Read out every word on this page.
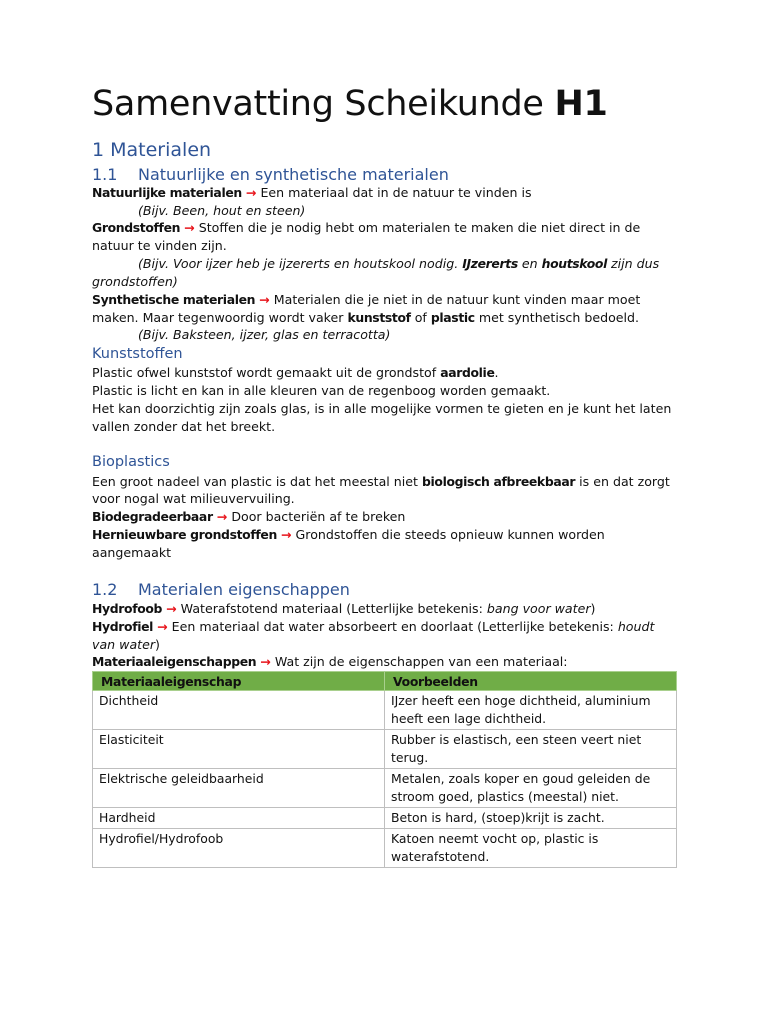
Samenvatting Scheikunde H1
1 Materialen
1.1 Natuurlijke en synthetische materialen
Natuurlijke materialen → Een materiaal dat in de natuur te vinden is
(Bijv. Been, hout en steen)
Grondstoffen → Stoffen die je nodig hebt om materialen te maken die niet direct in de
natuur te vinden zijn.
(Bijv. Voor ijzer heb je ijzererts en houtskool nodig. IJzererts en houtskool zijn dus
grondstoffen)
Synthetische materialen → Materialen die je niet in de natuur kunt vinden maar moet
maken. Maar tegenwoordig wordt vaker kunststof of plastic met synthetisch bedoeld.
(Bijv. Baksteen, ijzer, glas en terracotta)
Kunststoffen
Plastic ofwel kunststof wordt gemaakt uit de grondstof aardolie.
Plastic is licht en kan in alle kleuren van de regenboog worden gemaakt.
Het kan doorzichtig zijn zoals glas, is in alle mogelijke vormen te gieten en je kunt het laten
vallen zonder dat het breekt.
Bioplastics
Een groot nadeel van plastic is dat het meestal niet biologisch afbreekbaar is en dat zorgt
voor nogal wat milieuvervuiling.
Biodegradeerbaar → Door bacteriën af te breken
Hernieuwbare grondstoffen → Grondstoffen die steeds opnieuw kunnen worden
aangemaakt
1.2 Materialen eigenschappen
Hydrofoob → Waterafstotend materiaal (Letterlijke betekenis: bang voor water)
Hydrofiel → Een materiaal dat water absorbeert en doorlaat (Letterlijke betekenis: houdt
van water)
Materiaaleigenschappen → Wat zijn de eigenschappen van een materiaal:
Materiaaleigenschap	Voorbeelden
Dichtheid	IJzer heeft een hoge dichtheid, aluminium
heeft een lage dichtheid.

Elasticiteit	Rubber is elastisch, een steen veert niet
terug.

Elektrische geleidbaarheid	Metalen, zoals koper en goud geleiden de
stroom goed, plastics (meestal) niet.

Hardheid	Beton is hard, (stoep)krijt is zacht.

Hydrofiel/Hydrofoob	Katoen neemt vocht op, plastic is
waterafstotend.
